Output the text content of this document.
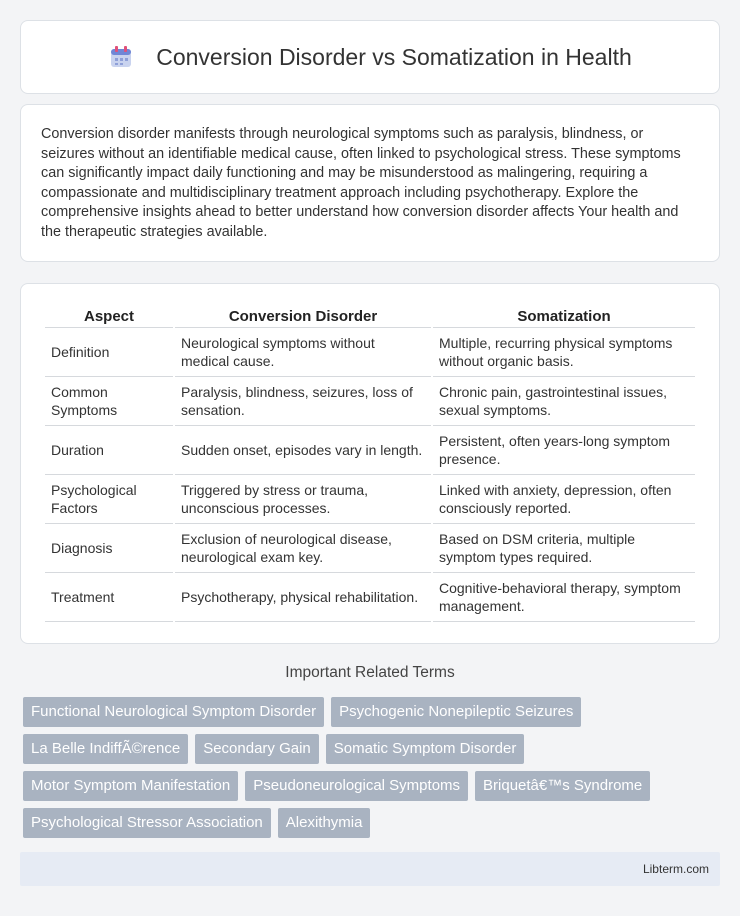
Conversion Disorder vs Somatization in Health

Conversion disorder manifests through neurological symptoms such as paralysis, blindness, or seizures without an identifiable medical cause, often linked to psychological stress. These symptoms can significantly impact daily functioning and may be misunderstood as malingering, requiring a compassionate and multidisciplinary treatment approach including psychotherapy. Explore the comprehensive insights ahead to better understand how conversion disorder affects Your health and the therapeutic strategies available.

Aspect	Conversion Disorder	Somatization
Definition	Neurological symptoms without medical cause.	Multiple, recurring physical symptoms without organic basis.
Common Symptoms	Paralysis, blindness, seizures, loss of sensation.	Chronic pain, gastrointestinal issues, sexual symptoms.
Duration	Sudden onset, episodes vary in length.	Persistent, often years-long symptom presence.
Psychological Factors	Triggered by stress or trauma, unconscious processes.	Linked with anxiety, depression, often consciously reported.
Diagnosis	Exclusion of neurological disease, neurological exam key.	Based on DSM criteria, multiple symptom types required.
Treatment	Psychotherapy, physical rehabilitation.	Cognitive-behavioral therapy, symptom management.
Important Related Terms
Functional Neurological Symptom Disorder	Psychogenic Nonepileptic Seizures
La Belle IndiffÃ©rence	Secondary Gain	Somatic Symptom Disorder
Motor Symptom Manifestation	Pseudoneurological Symptoms	Briquetâ€™s Syndrome
Psychological Stressor Association	Alexithymia
Libterm.com
